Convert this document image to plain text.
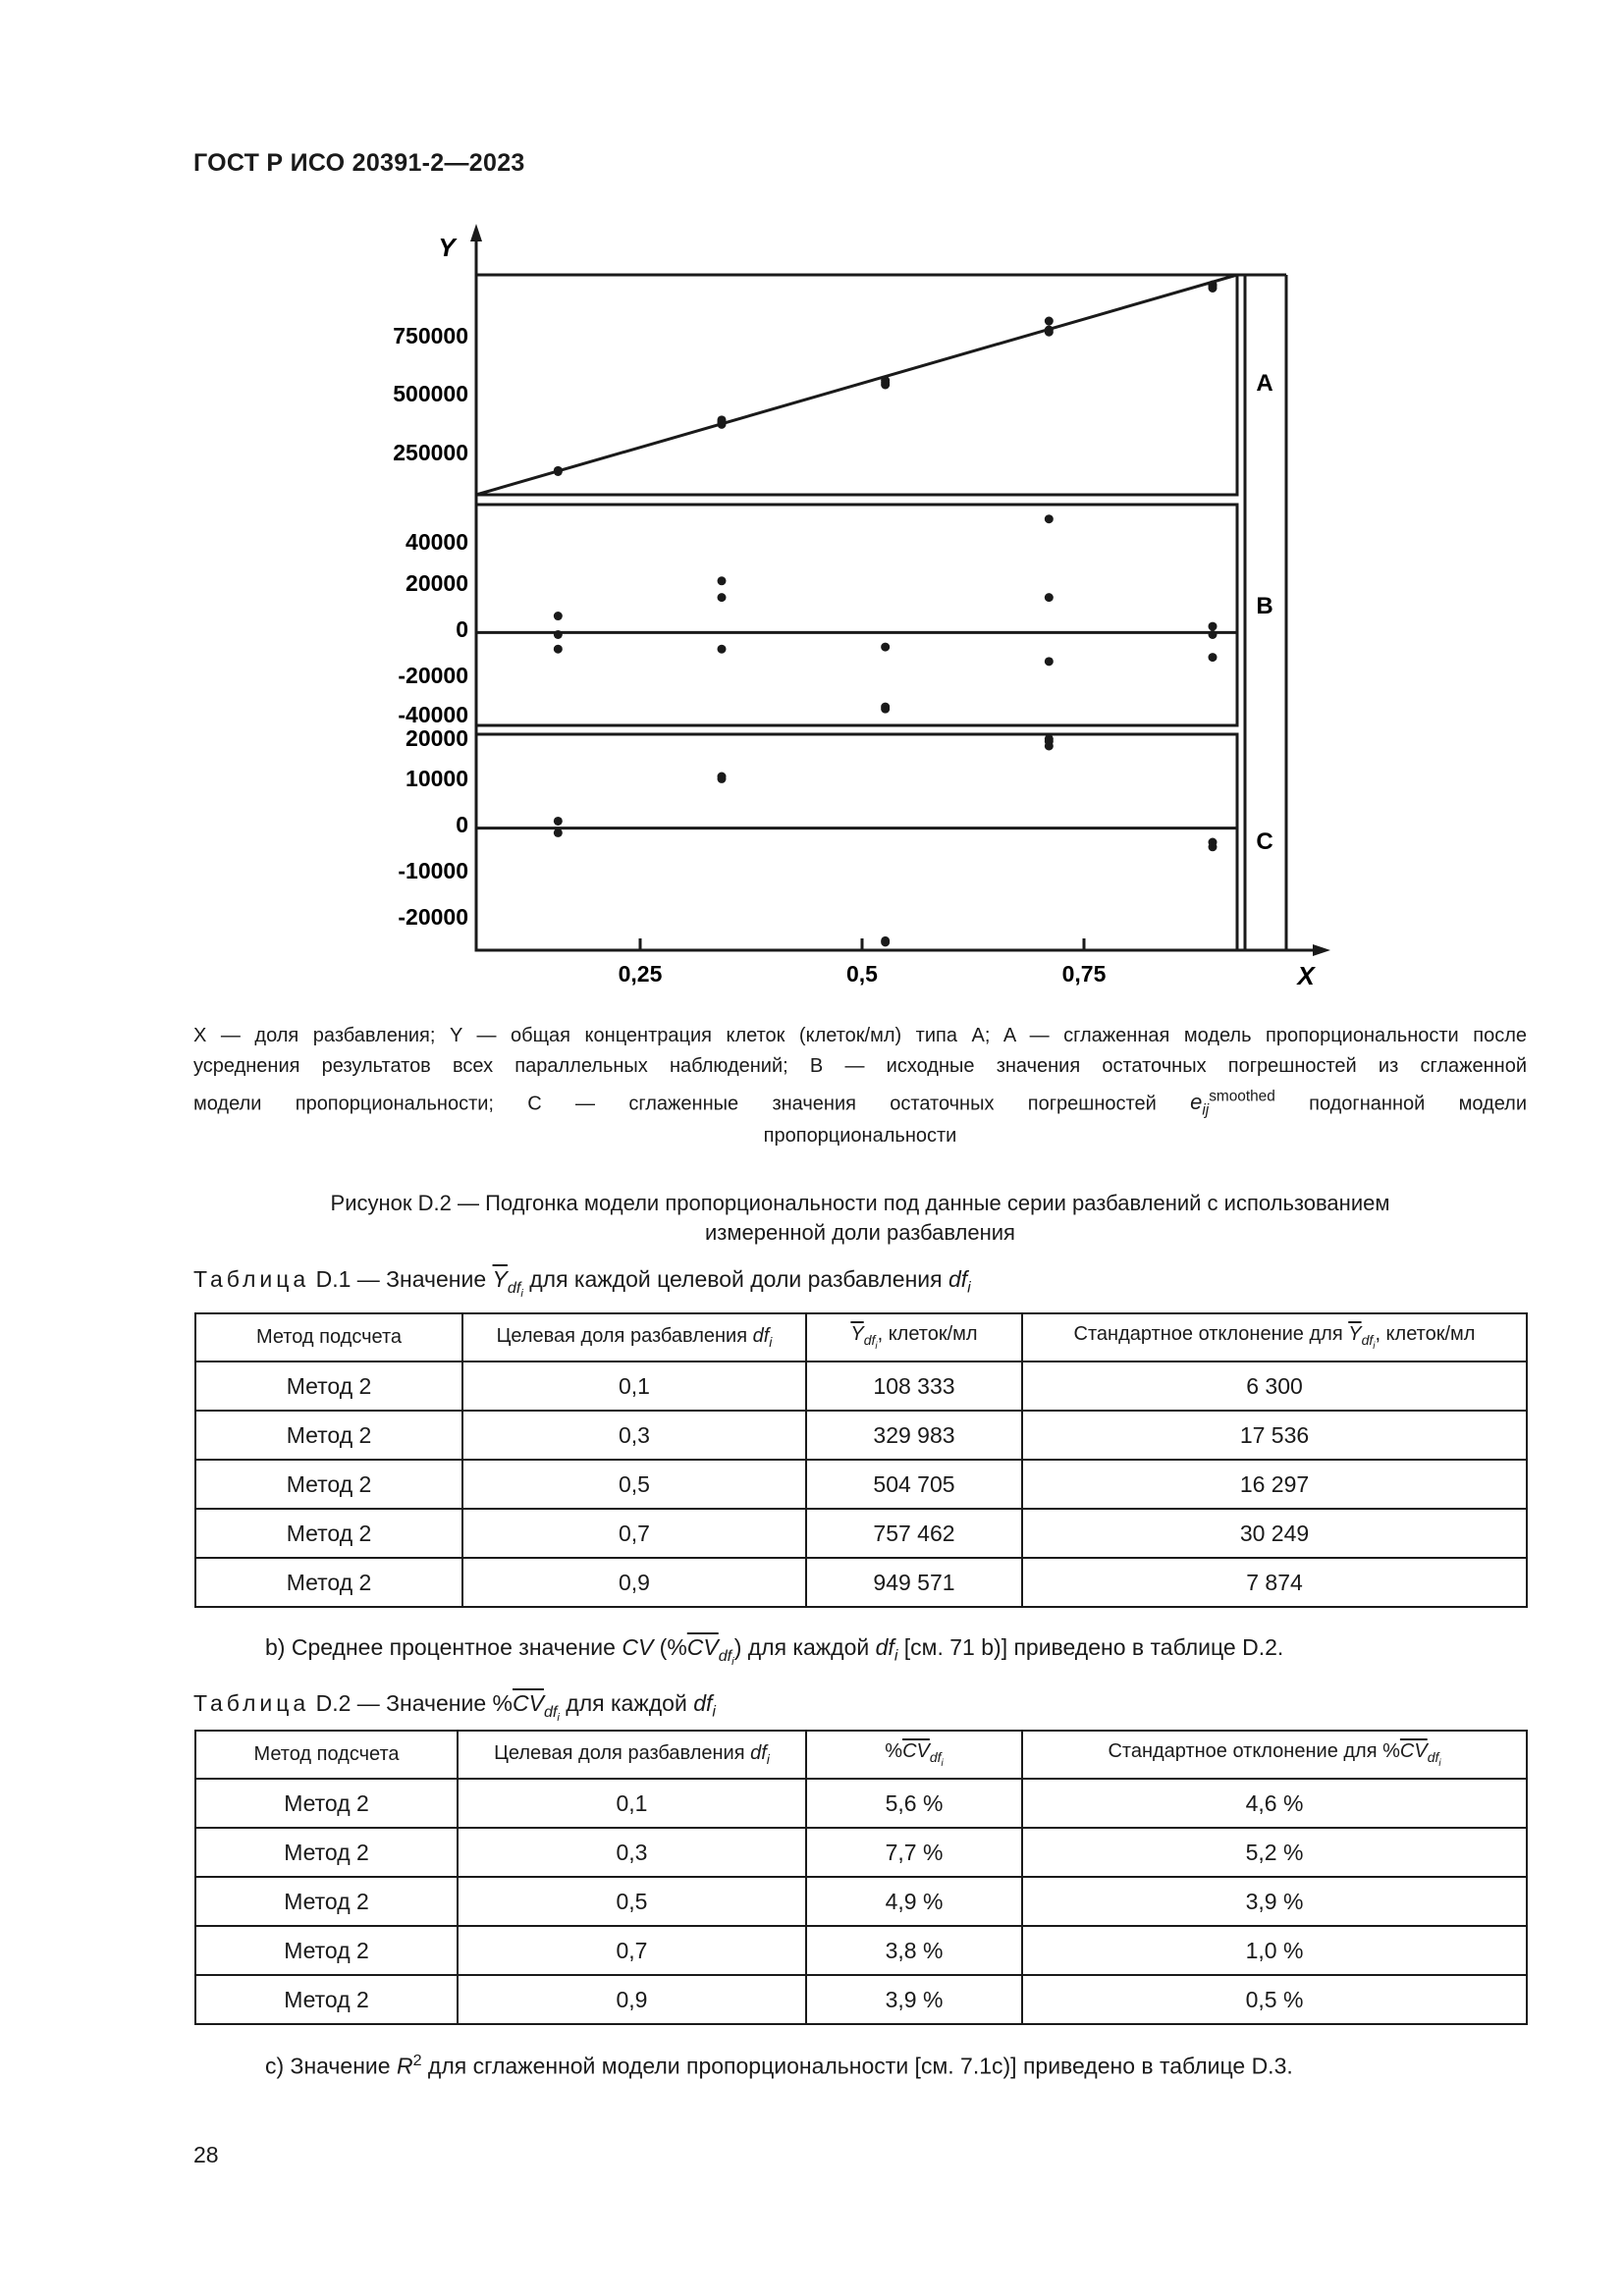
ГОСТ Р ИСО 20391-2—2023
Y
X
A
B
C
750000
500000
250000
40000
20000
0
-20000
-40000
20000
10000
0
-10000
-20000
0,25	0,5	0,75
X — доля разбавления; Y — общая концентрация клеток (клеток/мл) типа A; A — сглаженная модель пропорциональности после
усреднения результатов всех параллельных наблюдений; B — исходные значения остаточных погрешностей из сглаженной
модели пропорциональности; C — сглаженные значения остаточных погрешностей $e_{ij}^{smoothed}$ подогнанной модели
пропорциональности
Рисунок D.2 — Подгонка модели пропорциональности под данные серии разбавлений с использованием
измеренной доли разбавления
Таблица D.1 — Значение $\overline{Y}_{df_i}$ для каждой целевой доли разбавления $df_i$
Метод подсчета	Целевая доля разбавления $df_i$	$\overline{Y}_{df_i}$, клеток/мл	Стандартное отклонение для $\overline{Y}_{df_i}$, клеток/мл
Метод 2	0,1	108 333	6 300
Метод 2	0,3	329 983	17 536
Метод 2	0,5	504 705	16 297
Метод 2	0,7	757 462	30 249
Метод 2	0,9	949 571	7 874
b) Среднее процентное значение CV $(\%\overline{CV}_{df_i})$ для каждой $df_i$ [см. 71 b)] приведено в таблице D.2.
Таблица D.2 — Значение $\%\overline{CV}_{df_i}$ для каждой $df_i$
Метод подсчета	Целевая доля разбавления $df_i$	$\%\overline{CV}_{df_i}$	Стандартное отклонение для $\%\overline{CV}_{df_i}$
Метод 2	0,1	5,6 %	4,6 %
Метод 2	0,3	7,7 %	5,2 %
Метод 2	0,5	4,9 %	3,9 %
Метод 2	0,7	3,8 %	1,0 %
Метод 2	0,9	3,9 %	0,5 %
с) Значение $R^2$ для сглаженной модели пропорциональности [см. 7.1с)] приведено в таблице D.3.
28
